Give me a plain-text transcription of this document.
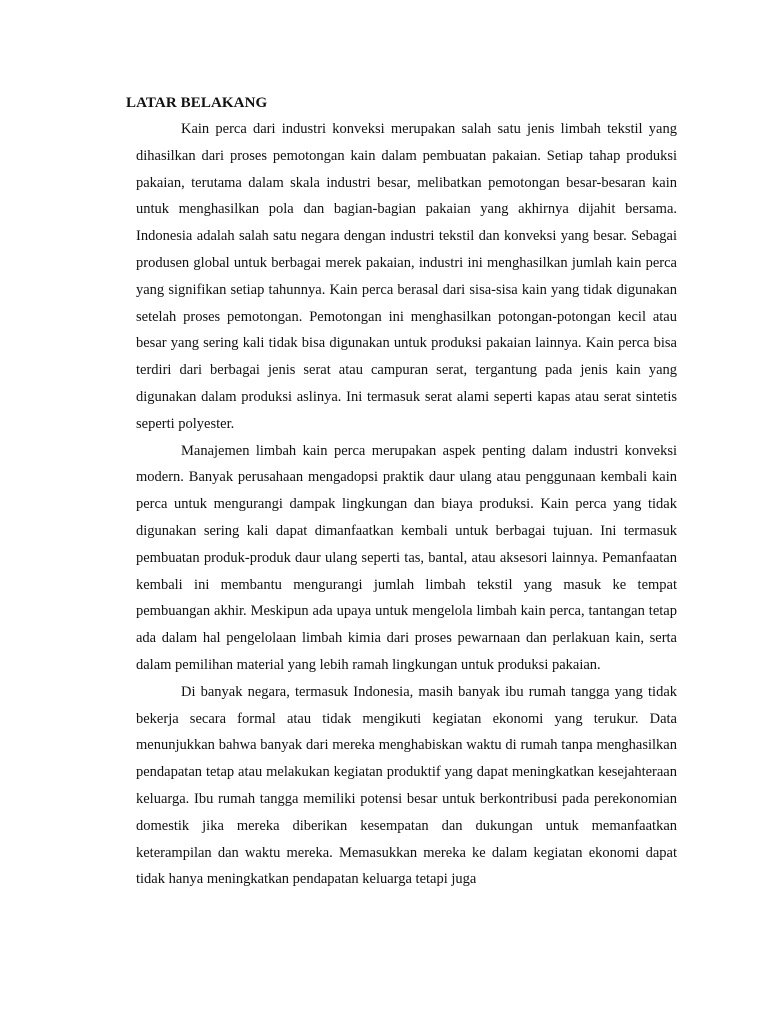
LATAR BELAKANG

Kain perca dari industri konveksi merupakan salah satu jenis limbah tekstil yang dihasilkan dari proses pemotongan kain dalam pembuatan pakaian. Setiap tahap produksi pakaian, terutama dalam skala industri besar, melibatkan pemotongan besar-besaran kain untuk menghasilkan pola dan bagian-bagian pakaian yang akhirnya dijahit bersama. Indonesia adalah salah satu negara dengan industri tekstil dan konveksi yang besar. Sebagai produsen global untuk berbagai merek pakaian, industri ini menghasilkan jumlah kain perca yang signifikan setiap tahunnya. Kain perca berasal dari sisa-sisa kain yang tidak digunakan setelah proses pemotongan. Pemotongan ini menghasilkan potongan-potongan kecil atau besar yang sering kali tidak bisa digunakan untuk produksi pakaian lainnya. Kain perca bisa terdiri dari berbagai jenis serat atau campuran serat, tergantung pada jenis kain yang digunakan dalam produksi aslinya. Ini termasuk serat alami seperti kapas atau serat sintetis seperti polyester.

Manajemen limbah kain perca merupakan aspek penting dalam industri konveksi modern. Banyak perusahaan mengadopsi praktik daur ulang atau penggunaan kembali kain perca untuk mengurangi dampak lingkungan dan biaya produksi. Kain perca yang tidak digunakan sering kali dapat dimanfaatkan kembali untuk berbagai tujuan. Ini termasuk pembuatan produk-produk daur ulang seperti tas, bantal, atau aksesori lainnya. Pemanfaatan kembali ini membantu mengurangi jumlah limbah tekstil yang masuk ke tempat pembuangan akhir. Meskipun ada upaya untuk mengelola limbah kain perca, tantangan tetap ada dalam hal pengelolaan limbah kimia dari proses pewarnaan dan perlakuan kain, serta dalam pemilihan material yang lebih ramah lingkungan untuk produksi pakaian.

Di banyak negara, termasuk Indonesia, masih banyak ibu rumah tangga yang tidak bekerja secara formal atau tidak mengikuti kegiatan ekonomi yang terukur. Data menunjukkan bahwa banyak dari mereka menghabiskan waktu di rumah tanpa menghasilkan pendapatan tetap atau melakukan kegiatan produktif yang dapat meningkatkan kesejahteraan keluarga. Ibu rumah tangga memiliki potensi besar untuk berkontribusi pada perekonomian domestik jika mereka diberikan kesempatan dan dukungan untuk memanfaatkan keterampilan dan waktu mereka. Memasukkan mereka ke dalam kegiatan ekonomi dapat tidak hanya meningkatkan pendapatan keluarga tetapi juga
